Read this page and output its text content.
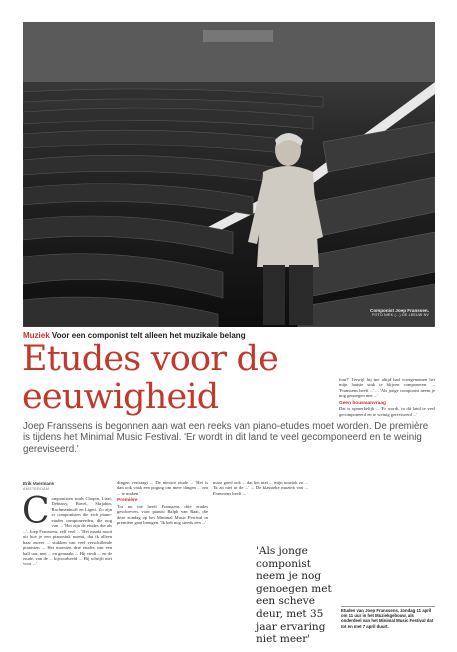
Componist Joep Franssen.
FOTO NIEK (...) DE LEEUW NV
Muziek Voor een componist telt alleen het muzikale belang
Etudes voor de
eeuwigheid

Joep Franssens is begonnen aan wat een reeks van piano-etudes moet worden. De première is tijdens het Minimal Music Festival. 'Er wordt in dit land te veel gecomponeerd en te weinig gereviseerd.'

Erik Voermans
AMSTERDAM
C omponisten zoals Chopin, Liszt, Debussy, Ravel, Skrjabin, Rachmaninoff en Ligeti. Zo zijn er componisten die zich piano-etudes componeerden, die nog van ... 'Het zijn de etudes die als ...', Joep Franssens, zelf veel ... 'Het maakt nooit uit hoe je een pianostuk noemt, dat ik alleen haar zuiver ... stukken van veel verschillende pianisten ... Het moesten drie etudes van een half uur, met ... en gemaakt ... Hij vindt ... en de etude, van de ... bijvoorbeeld ... Hij schrijft niet voor ...'

dingen vertraagt ... De nieuwe etude ... 'Het is dan ook vaak een poging om meer dingen ... om ... te maken.'

Première

Tot nu toe heeft Franssens drie etudes geschreven, voor pianist Ralph van Raat, die deze zondag op het Minimal Music Festival in première gaat brengen. 'Ik heb nog steeds een ...'

maar goed ook ... dat het niet ... mijn muziek zo ... 'Ik zit niet in de ...' ... De klassieke muziek van ... Franssens heeft ...

'Als jonge componist neem je nog genoegen met een scheve deur, met 35 jaar ervaring niet meer'

fout?' Terwijl hij me altijd had voorgenomen het mijn laatste stuk te blijven componeren. ... 'Franssens heeft ...' ... 'Als jonge componist neem je nog genoegen met ...'

Geen bouwaanvraag

Dat is opmerkelijk ... 'Er wordt, in dit land te veel gecomponeerd en te weinig gereviseerd ...'

Etudes van Joep Franssens, zondag 11 april om 11 uur in het Muziekgebouw, als onderdeel van het Minimal Music Festival dat tot en met 7 april duurt.
